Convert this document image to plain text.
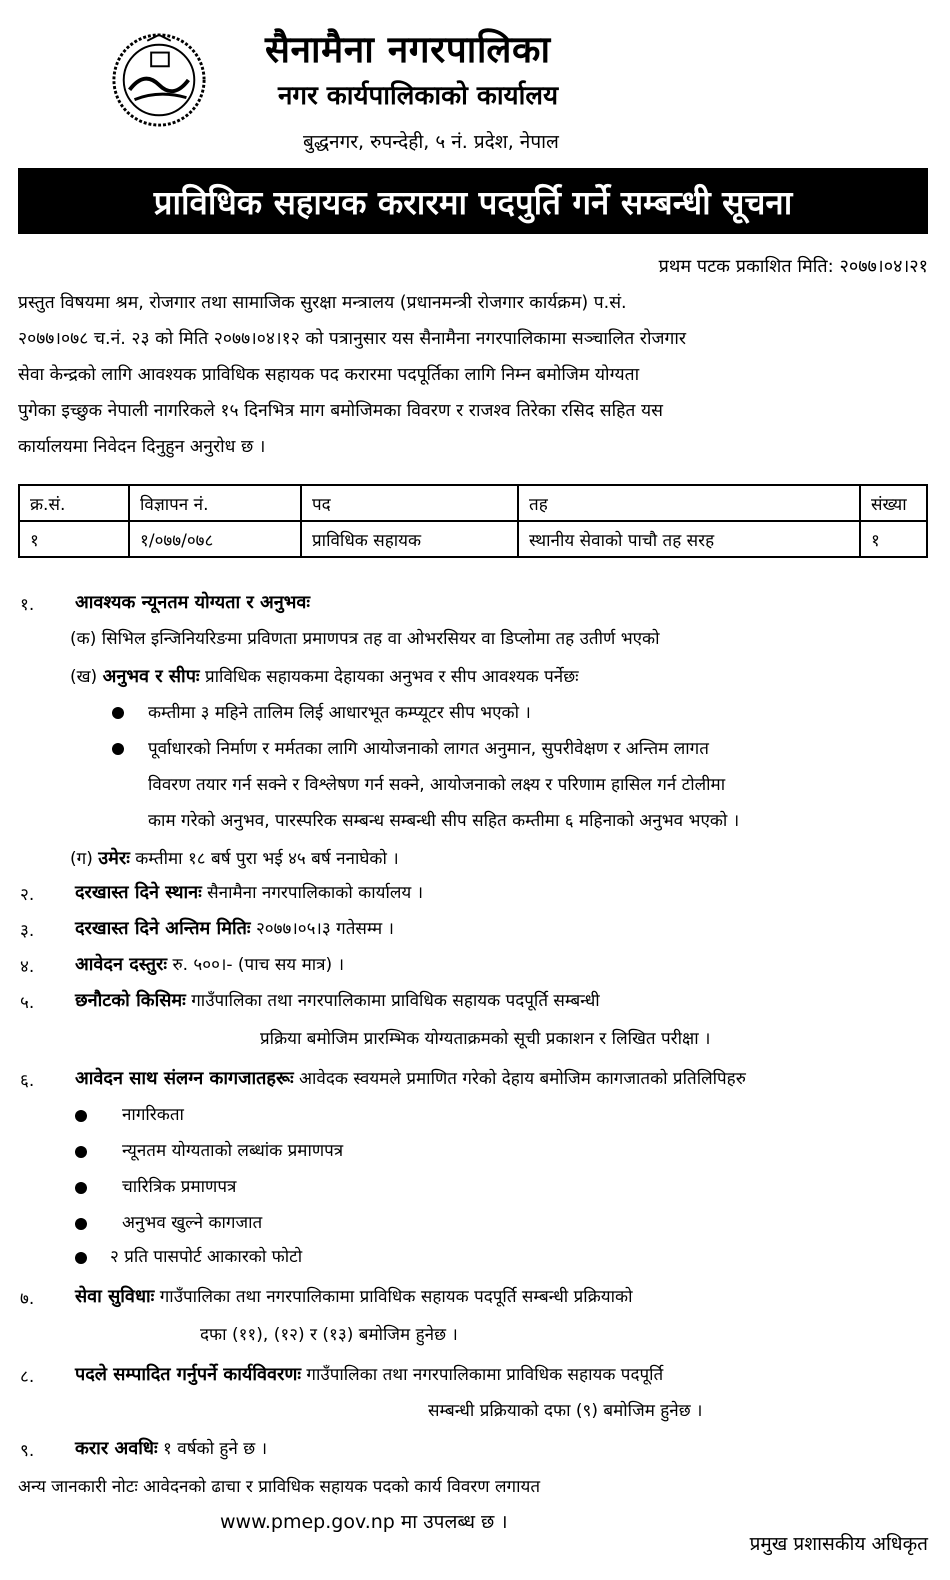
सैनामैना नगरपालिका
नगर कार्यपालिकाको कार्यालय
बुद्धनगर, रुपन्देही, ५ नं. प्रदेश, नेपाल
प्राविधिक सहायक करारमा पदपुर्ति गर्ने सम्बन्धी सूचना
प्रथम पटक प्रकाशित मिति: २०७७।०४।२१
प्रस्तुत विषयमा श्रम, रोजगार तथा सामाजिक सुरक्षा मन्त्रालय (प्रधानमन्त्री रोजगार कार्यक्रम) प.सं.
२०७७।०७८ च.नं. २३ को मिति २०७७।०४।१२ को पत्रानुसार यस सैनामैना नगरपालिकामा सञ्चालित रोजगार
सेवा केन्द्रको लागि आवश्यक प्राविधिक सहायक पद करारमा पदपूर्तिका लागि निम्न बमोजिम योग्यता
पुगेका इच्छुक नेपाली नागरिकले १५ दिनभित्र माग बमोजिमका विवरण र राजश्व तिरेका रसिद सहित यस
कार्यालयमा निवेदन दिनुहुन अनुरोध छ ।
क्र.सं.	विज्ञापन नं.	पद	तह	संख्या
१	१/०७७/०७८	प्राविधिक सहायक	स्थानीय सेवाको पाचौ तह सरह	१
१. आवश्यक न्यूनतम योग्यता र अनुभवः
(क) सिभिल इन्जिनियरिङमा प्रविणता प्रमाणपत्र तह वा ओभरसियर वा डिप्लोमा तह उतीर्ण भएको
(ख) अनुभव र सीपः प्राविधिक सहायकमा देहायका अनुभव र सीप आवश्यक पर्नेछः
कम्तीमा ३ महिने तालिम लिई आधारभूत कम्प्यूटर सीप भएको ।
पूर्वाधारको निर्माण र मर्मतका लागि आयोजनाको लागत अनुमान, सुपरीवेक्षण र अन्तिम लागत
विवरण तयार गर्न सक्ने र विश्लेषण गर्न सक्ने, आयोजनाको लक्ष्य र परिणाम हासिल गर्न टोलीमा
काम गरेको अनुभव, पारस्परिक सम्बन्ध सम्बन्धी सीप सहित कम्तीमा ६ महिनाको अनुभव भएको ।
(ग) उमेरः कम्तीमा १८ बर्ष पुरा भई ४५ बर्ष ननाघेको ।
२. दरखास्त दिने स्थानः सैनामैना नगरपालिकाको कार्यालय ।
३. दरखास्त दिने अन्तिम मितिः २०७७।०५।३ गतेसम्म ।
४. आवेदन दस्तुरः रु. ५००।- (पाच सय मात्र) ।
५. छनौटको किसिमः गाउँपालिका तथा नगरपालिकामा प्राविधिक सहायक पदपूर्ति सम्बन्धी
प्रक्रिया बमोजिम प्रारम्भिक योग्यताक्रमको सूची प्रकाशन र लिखित परीक्षा ।
६. आवेदन साथ संलग्न कागजातहरूः आवेदक स्वयमले प्रमाणित गरेको देहाय बमोजिम कागजातको प्रतिलिपिहरु
नागरिकता
न्यूनतम योग्यताको लब्धांक प्रमाणपत्र
चारित्रिक प्रमाणपत्र
अनुभव खुल्ने कागजात
२ प्रति पासपोर्ट आकारको फोटो
७. सेवा सुविधाः गाउँपालिका तथा नगरपालिकामा प्राविधिक सहायक पदपूर्ति सम्बन्धी प्रक्रियाको
दफा (११), (१२) र (१३) बमोजिम हुनेछ ।
८. पदले सम्पादित गर्नुपर्ने कार्यविवरणः गाउँपालिका तथा नगरपालिकामा प्राविधिक सहायक पदपूर्ति
सम्बन्धी प्रक्रियाको दफा (९) बमोजिम हुनेछ ।
९. करार अवधिः १ वर्षको हुने छ ।
अन्य जानकारी नोटः आवेदनको ढाचा र प्राविधिक सहायक पदको कार्य विवरण लगायत
www.pmep.gov.np मा उपलब्ध छ ।
प्रमुख प्रशासकीय अधिकृत
